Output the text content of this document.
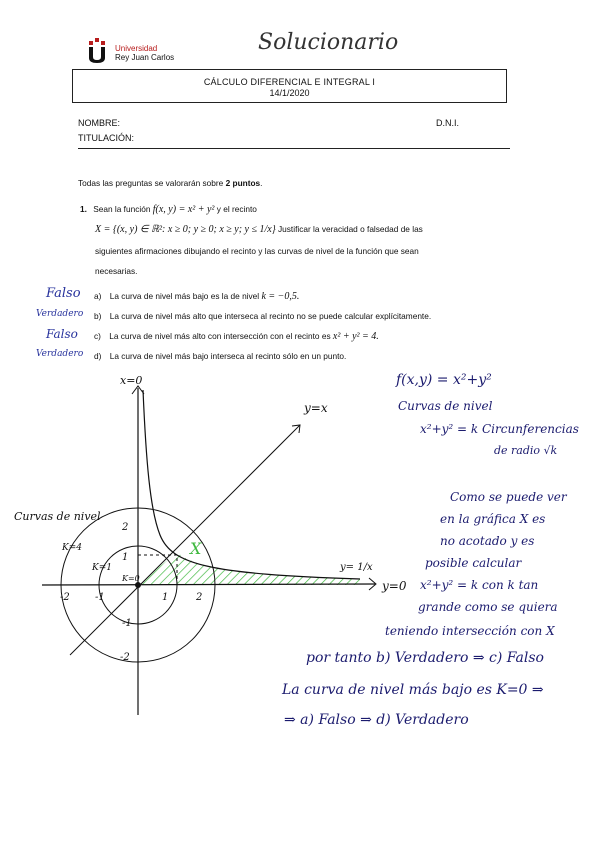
Universidad
Rey Juan Carlos
Solucionario
CÁLCULO DIFERENCIAL E INTEGRAL I
14/1/2020
NOMBRE:
TITULACIÓN:
D.N.I.
Todas las preguntas se valorarán sobre 2 puntos.
1. Sean la función f(x, y) = x² + y² y el recinto
X = {(x, y) ∈ ℝ²: x ≥ 0; y ≥ 0; x ≥ y; y ≤ 1/x} Justificar la veracidad o falsedad de las
siguientes afirmaciones dibujando el recinto y las curvas de nivel de la función que sean
necesarias.
Falso a) La curva de nivel más bajo es la de nivel k = −0,5.
Verdadero b) La curva de nivel más alto que interseca al recinto no se puede calcular explícitamente.
Falso c) La curva de nivel más alto con intersección con el recinto es x² + y² = 4.
Verdadero d) La curva de nivel más bajo interseca al recinto sólo en un punto.
x=0
y=0
y=x
y= 1/x
X
Curvas de nivel
K=4
K=1
K=0
-2	-1	1	2
2
1
-1
-2
f(x,y) = x²+y²
Curvas de nivel
x²+y² = k Circunferencias
de radio √k
Como se puede ver
en la gráfica X es
no acotado y es
posible calcular
x²+y² = k con k tan
grande como se quiera
teniendo intersección con X
por tanto b) Verdadero ⇒ c) Falso
La curva de nivel más bajo es K=0 ⇒
⇒ a) Falso ⇒ d) Verdadero
